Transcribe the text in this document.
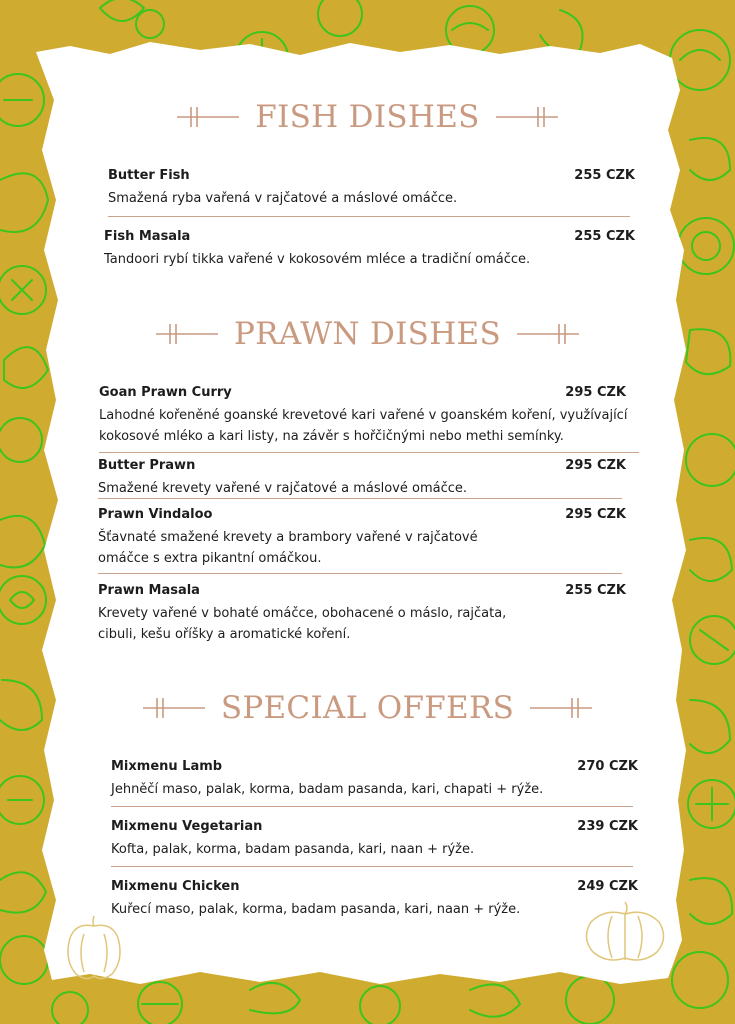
FISH DISHES
Butter Fish	255 CZK
Smažená ryba vařená v rajčatové a máslové omáčce.
Fish Masala	255 CZK
Tandoori rybí tikka vařené v kokosovém mléce a tradiční omáčce.
PRAWN DISHES
Goan Prawn Curry	295 CZK
Lahodné kořeněné goanské krevetové kari vařené v goanském koření, využívající kokosové mléko a kari listy, na závěr s hořčičnými nebo methi semínky.
Butter Prawn	295 CZK
Smažené krevety vařené v rajčatové a máslové omáčce.
Prawn Vindaloo	295 CZK
Šťavnaté smažené krevety a brambory vařené v rajčatové omáčce s extra pikantní omáčkou.
Prawn Masala	255 CZK
Krevety vařené v bohaté omáčce, obohacené o máslo, rajčata, cibuli, kešu oříšky a aromatické koření.
SPECIAL OFFERS
Mixmenu Lamb	270 CZK
Jehněčí maso, palak, korma, badam pasanda, kari, chapati + rýže.
Mixmenu Vegetarian	239 CZK
Kofta, palak, korma, badam pasanda, kari, naan + rýže.
Mixmenu Chicken	249 CZK
Kuřecí maso, palak, korma, badam pasanda, kari, naan + rýže.
